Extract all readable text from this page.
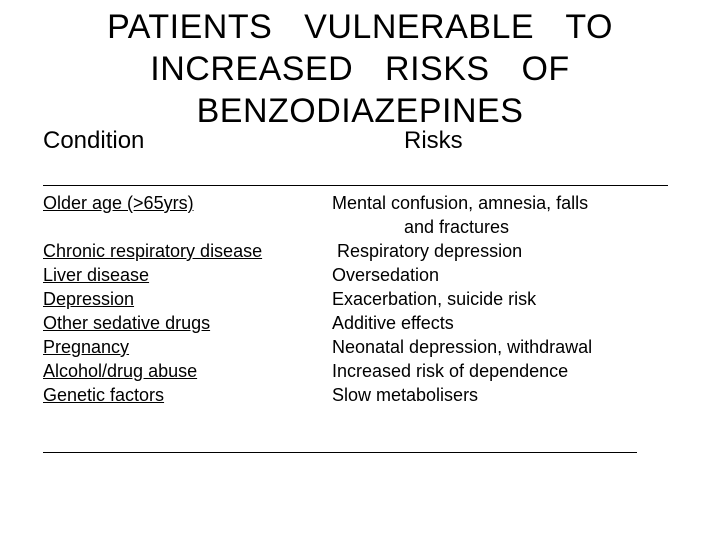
PATIENTS  VULNERABLE  TO
INCREASED  RISKS  OF
BENZODIAZEPINES
Condition	Risks
Older age (>65yrs)	Mental confusion, amnesia, falls
and fractures
Chronic respiratory disease	Respiratory depression
Liver disease	Oversedation
Depression	Exacerbation, suicide risk
Other sedative drugs	Additive effects
Pregnancy	Neonatal depression, withdrawal
Alcohol/drug abuse	Increased risk of dependence
Genetic factors	Slow metabolisers
